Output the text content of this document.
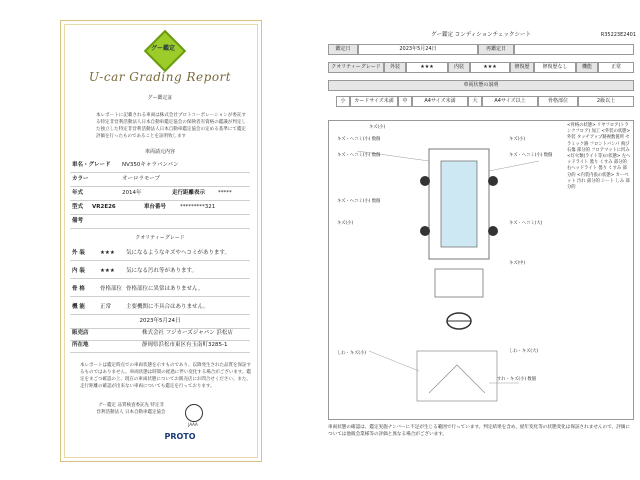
グー鑑定
U-car Grading Report
グー鑑定証
本レポートに記載される車両は株式会社プロトコーポレーションが委託する特定非営利活動法人日本自動車鑑定協会の保険者有資格の鑑識が判定した独立した特定非営利活動法人日本自動車鑑定協会の定める基準にて鑑定評価を行ったものであることを証明致します
車両請元内容
車名・グレード NV350キャラバンバン
カラー	オーロラモーブ
年式	2014年	走行距離表示 *****
型式 VR2E26	車台番号	*********321
備考
クオリティーグレード
外 装	★★★ 気になるようなキズやヘコミがあります。
内 装	★★★ 気になる汚れ等があります。
骨 格	骨格部位 骨格部位に異常はありません。
機 能	正常	主要機関に不具合はありません。
2023年5月24日
販売店	株式会社 フジカーズジャパン 浜松店
所在地	静岡県浜松市東区有玉南町3285-1
本レポートは鑑定時点での車両状態を示すものであり、以降発生された品質を保証するものではありません。車両状態は時間の経過に伴い変化する場合がございます。鑑定をまごつ確認の上、現在の車両状態についてお販売店にお問合せください。また、走行距離の確認が出来ない車両についても鑑定を行っております。
グー鑑定 品質検査委託先 特定非営利活動法人 日本自動車鑑定協会
JAAA
PROTO
グー鑑定 コンディションチェックシート	R35223E2401
鑑定日	2023年5月24日	再鑑定日
クオリティーグレード	外装	★★★	内装	★★★	修復歴	修復歴なし	機能	正常
車両状態の説明
小	カードサイズ未満	中	A4サイズ未満	大	A4サイズ以上	骨格部位	2級以上
キズ(小)
キズ・ヘコミ(小) 数個
キズ・ヘコミ(小) 数個
キズ(小)
キズ・ヘコミ(小) 数個
キズ・ヘコミ(小) 数個
キズ(小)	キズ・ヘコミ(大)
キズ(中)
しわ・キズ(小)	しわ・キズ(大)
すれ・キズ(小) 数個
<骨格の状態> リヤフロア(トランクフロア) 加工 <外装の状態> 外装 タッチアップ跡複数箇所 セラミック跡 フロントバンパ 飛び石傷 部分的 フロアマットに凹み <灯火類(ライト等)の状態> 左ヘッドライト 曇り くすみ 部分的 右ヘッドライト 曇り くすみ 部分的 <内装内張の状態> カーペット 汚れ 部分的 シート しみ 部分的
車両状態の確認は、鑑定実施ナンバーに不足が生じる範囲で行っています。判定結果を含め、経年変化等の状態変化は保証されませんので、評価については他販会業様等の評価と異なる場合がございます。
